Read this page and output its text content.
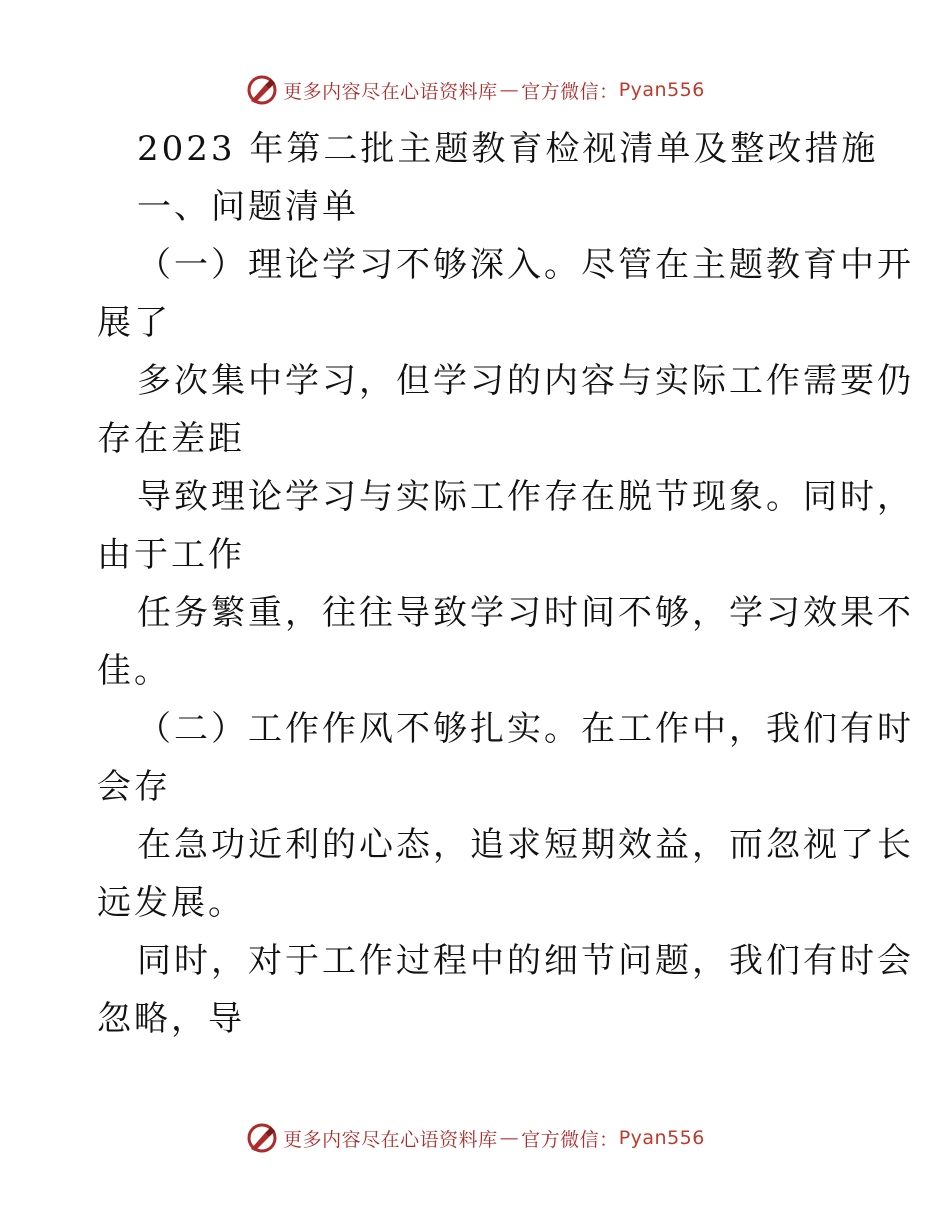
更多内容尽在心语资料库 — 官方微信： Pyan556
2023 年第二批主题教育检视清单及整改措施
一、问题清单
（一）理论学习不够深入。尽管在主题教育中开
展了
多次集中学习，但学习的内容与实际工作需要仍
存在差距
导致理论学习与实际工作存在脱节现象。同时，
由于工作
任务繁重，往往导致学习时间不够，学习效果不
佳。
（二）工作作风不够扎实。在工作中，我们有时
会存
在急功近利的心态，追求短期效益，而忽视了长
远发展。
同时，对于工作过程中的细节问题，我们有时会
忽略，导
更多内容尽在心语资料库 — 官方微信： Pyan556
